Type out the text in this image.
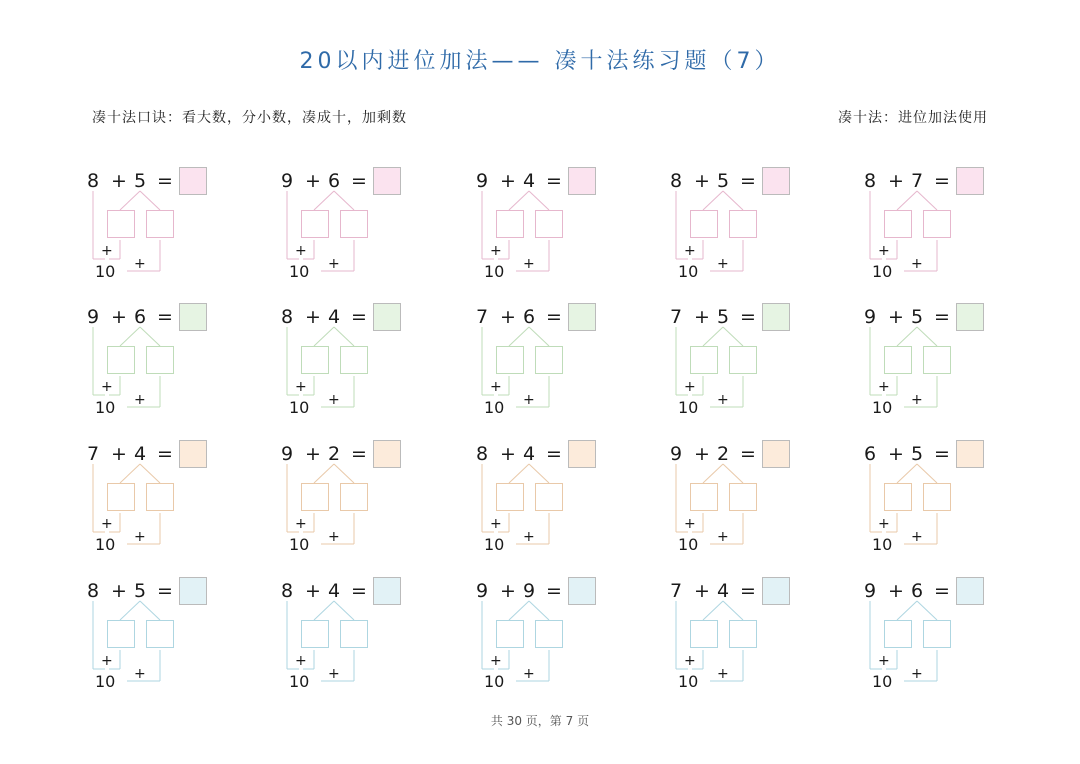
20以内进位加法—— 凑十法练习题（7）
凑十法口诀：看大数，分小数，凑成十，加剩数	凑十法：进位加法使用
8 + 5 =
+
10 +
9 + 6 =
+
10 +
9 + 4 =
+
10 +
8 + 5 =
+
10 +
8 + 7 =
+
10 +
9 + 6 =
+
10 +
8 + 4 =
+
10 +
7 + 6 =
+
10 +
7 + 5 =
+
10 +
9 + 5 =
+
10 +
7 + 4 =
+
10 +
9 + 2 =
+
10 +
8 + 4 =
+
10 +
9 + 2 =
+
10 +
6 + 5 =
+
10 +
8 + 5 =
+
10 +
8 + 4 =
+
10 +
9 + 9 =
+
10 +
7 + 4 =
+
10 +
9 + 6 =
+
10 +
共 30 页，第 7 页
